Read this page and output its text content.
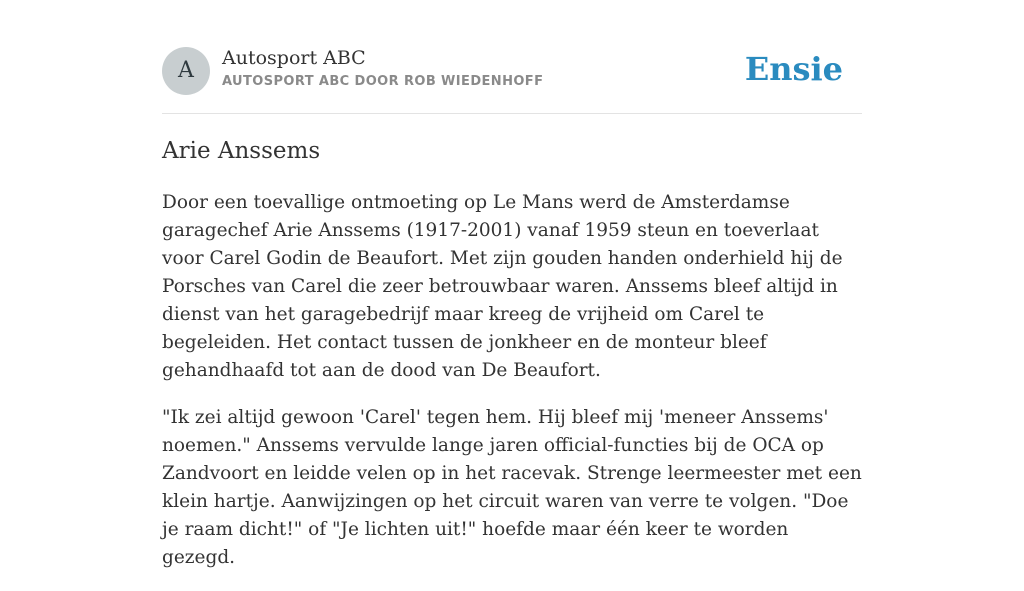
A	Autosport ABC
AUTOSPORT ABC DOOR ROB WIEDENHOFF	Ensie
Arie Anssems

Door een toevallige ontmoeting op Le Mans werd de Amsterdamse garagechef Arie Anssems (1917-2001) vanaf 1959 steun en toeverlaat voor Carel Godin de Beaufort. Met zijn gouden handen onderhield hij de Porsches van Carel die zeer betrouwbaar waren. Anssems bleef altijd in dienst van het garagebedrijf maar kreeg de vrijheid om Carel te begeleiden. Het contact tussen de jonkheer en de monteur bleef gehandhaafd tot aan de dood van De Beaufort.

"Ik zei altijd gewoon 'Carel' tegen hem. Hij bleef mij 'meneer Anssems' noemen." Anssems vervulde lange jaren official-functies bij de OCA op Zandvoort en leidde velen op in het racevak. Strenge leermeester met een klein hartje. Aanwijzingen op het circuit waren van verre te volgen. "Doe je raam dicht!" of "Je lichten uit!" hoefde maar één keer te worden gezegd.
